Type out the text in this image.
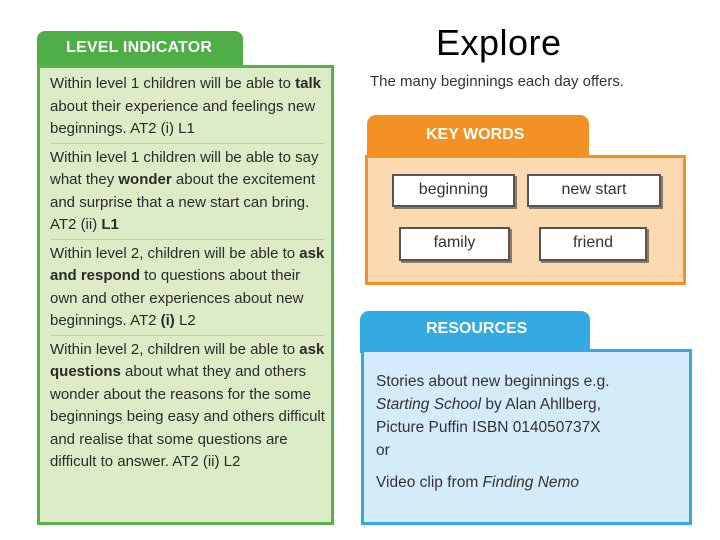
LEVEL INDICATOR

Within level 1 children will be able to talk about their experience and feelings new beginnings. AT2 (i) L1

Within level 1 children will be able to say what they wonder about the excitement and surprise that a new start can bring. AT2 (ii) L1

Within level 2, children will be able to ask and respond to questions about their own and other experiences about new beginnings. AT2 (i) L2

Within level 2, children will be able to ask questions about what they and others wonder about the reasons for the some beginnings being easy and others difficult and realise that some questions are difficult to answer. AT2 (ii) L2

Explore
The many beginnings each day offers.
KEY WORDS
beginning	new start
family	friend
RESOURCES
Stories about new beginnings e.g.
Starting School by Alan Ahllberg,
Picture Puffin ISBN 014050737X
or
Video clip from Finding Nemo
